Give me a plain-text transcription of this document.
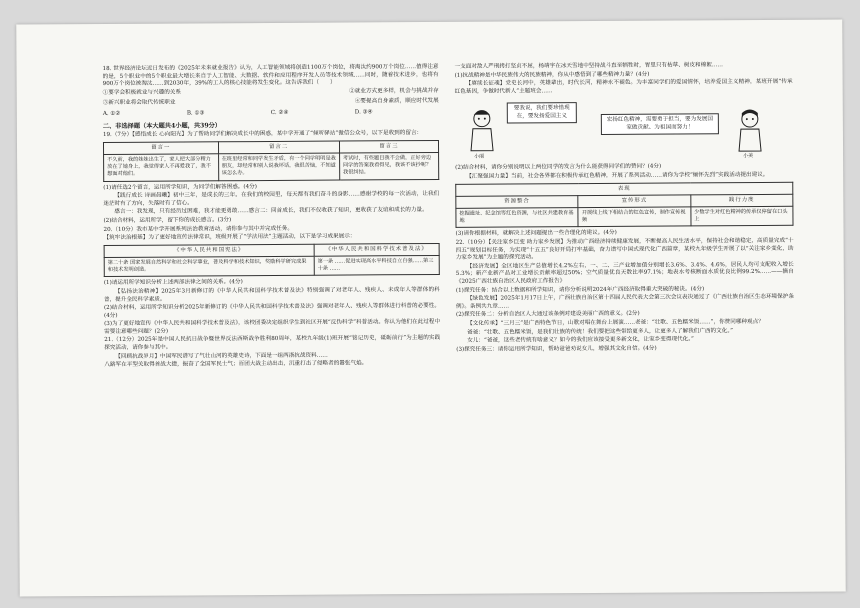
18. 世界经济论坛近日发布的《2025年未来就业报告》认为，人工智能领域将创造1100万个岗位，将淘汰约900万个岗位……值得注意的是，5个职业中的5个职业最大增长来自于人工智能、大数据、软件和应用程序开发人员等技术领域……同时，随着技术进步，也将有900万个岗位被淘汰……到2030年，39%的工人的核心技能将发生变化。这告诉我们（　　）

①要学会积极就业与兴趣的关系	②就业方式更多样，机会与挑战并存
③新兴职业将会取代传统职业	④要提高自身素质，顺应时代发展
A. ①②	B. ①③	C. ②④	D. ③④
二、非选择题（本大题共4小题，共39分）

19.（7分）【感悟成长 心向阳光】为了帮助同学们解决成长中的困惑，某中学开通了“倾听驿站”微信公众号，以下是收到的留言：

留言一	留言二	留言三
不久前，我的妹妹出生了，家人把大部分精力放在了她身上，我觉得家人不再爱我了，我不想面对他们。	在班里经常和同学发生矛盾，有一个同学明明是我朋友，却经常和别人说我坏话，我很苦恼，不知道该怎么办。	考试时，有些题目我不会做，正好旁边同学的答案我看得见，我该不该抄呢？我很纠结。

(1)请任选2个留言，运用所学知识，为同学们解答困惑。(4分)

【践行成长 诗画晨曦】初中三年，是成长的三年。在我们的校园里，每天都有我们奋斗的身影……感谢学校的每一次活动，让我们迷茫时有了方向，失落时有了信心。

感言一：我发现，只有经历过困难，我才能更勇敢……感言二：回首成长，我们不仅收获了知识，更收获了友谊和成长的力量。

(2)结合材料，运用所学，留下你的成长感言。(3分)

20.（10分）我市某中学开展系列法治教育活动，请你参与其中并完成任务。

【筑牢法治根基】为了更好地宣传法律常识，班级开展了“学法用法”主题活动，以下是学习成果展示：

《中华人民共和国宪法》	《中华人民共和国科学技术普及法》
第二十条 国家发展自然科学和社会科学事业，普及科学和技术知识，奖励科学研究成果和技术发明创造。	第一条 ……促进实现高水平科技自立自强……第三十条 ……

(1)请运用所学知识分析上述两部法律之间的关系。(4分)

【弘扬法治精神】2025年3月新修订的《中华人民共和国科学技术普及法》特别强调了对老年人、残疾人、未成年人等群体的科普，提升全民科学素质。

(2)结合材料，运用所学知识分析2025年新修订的《中华人民共和国科学技术普及法》强调对老年人、残疾人等群体进行科普的必要性。(4分)

(3)为了更好地宣传《中华人民共和国科学技术普及法》，该校团委决定组织学生到社区开展“反伪科学”科普活动。你认为他们在此过程中需要注意哪些问题？(2分)

21.（12分）2025年是中国人民抗日战争暨世界反法西斯战争胜利80周年，某校九年级(1)班开展“铭记历史，砥砺前行”为主题的实践探究活动，请你参与其中。

【回顾抗战岁月】中国军民谱写了气壮山河的英雄史诗，下面是一组两浙抗战资料……

八路军在平型关取得首战大捷，振奋了全国军民士气；百团大战主动出击，沉重打击了侵略者的嚣张气焰。

一支面对敌人严刑拷打坚贞不屈，杨靖宇在冰天雪地中坚持战斗直至牺牲时，胃里只有枯草、树皮和棉絮……

(1)抗战精神是中华民族伟大的民族精神，你从中感悟到了哪些精神力量？(4分)

【赓续长征魂】党史长河中，英雄辈出，时代长河，精神永不褪色。为丰富同学们的爱国情怀，培养爱国主义精神，某班开展“传承红色基因，争做时代新人”主题班会……

小丽
要我说，我们要珍惜现在，要发扬爱国主义
宏扬红色精神，需要勇于担当，要为发展国家做贡献、为祖国而努力！
小美

(2)结合材料，请你分别说明以上两位同学的发言为什么能获得同学们的赞同？(4分)

【汇聚强国力量】当前，社会各界都在积极传承红色精神，开展了系列活动……请你为学校“缅怀先烈”实践活动提出建议。

表现		
资源整合	宣传形式	践行力度
挖掘遗址、纪念馆等红色资源，与社区共建教育基地	开展线上线下相结合的红色宣传，制作宣传视频	少数学生对红色精神的传承仅停留在口头上

(3)请你根据材料，就解决上述问题提出一些合理化的建议。(4分)

22.（10分）【关注家乡巨变 助力家乡发展】为推动广西经济持续健康发展，不断提高人民生活水平，保持社会和谐稳定，高质量完成“十四五”规划目标任务，为实现“十五五”良好开局打牢基础，奋力谱写中国式现代化广西篇章，某校九年级学生开展了以“关注家乡变化，助力家乡发展”为主题的探究活动。

【经济发展】全区地区生产总值增长4.2%左右，一、二、三产业增加值分别增长3.6%、3.4%、4.6%，居民人均可支配收入增长5.3%；新产业新产品对工业增长贡献率超过50%；空气质量优良天数比率97.1%；地表水考核断面水质优良比例99.2%……——摘自《2025广西壮族自治区人民政府工作报告》

(1)探究任务：结合以上数据和所学知识，请你分析说明2024年广西经济取得重大突破的秘诀。(4分)

【绿色发展】2025年1月17日上午，广西壮族自治区第十四届人民代表大会第三次会议表决通过了《广西壮族自治区生态环境保护条例》。条例共九章……

(2)探究任务二：分析自治区人大通过该条例对建设美丽广西的意义。(2分)

【文化传承】“三月三”是广西特色节日，山歌对唱在舞台上展演……老爸：“壮歌、五色糯米饭……”，你赞同哪种观点？

爸爸：“壮歌、五色糯米饭，是我们壮族的传统！我们要把这些带给更多人，让更多人了解我们广西的文化。”

女儿：“爸爸，这些老传统有啥意义？如今的我们应该接受更多新文化，让家乡变得现代化。”

(3)探究任务三：请你运用所学知识，帮助爸爸劝说女儿，增强其文化自信。(4分)
